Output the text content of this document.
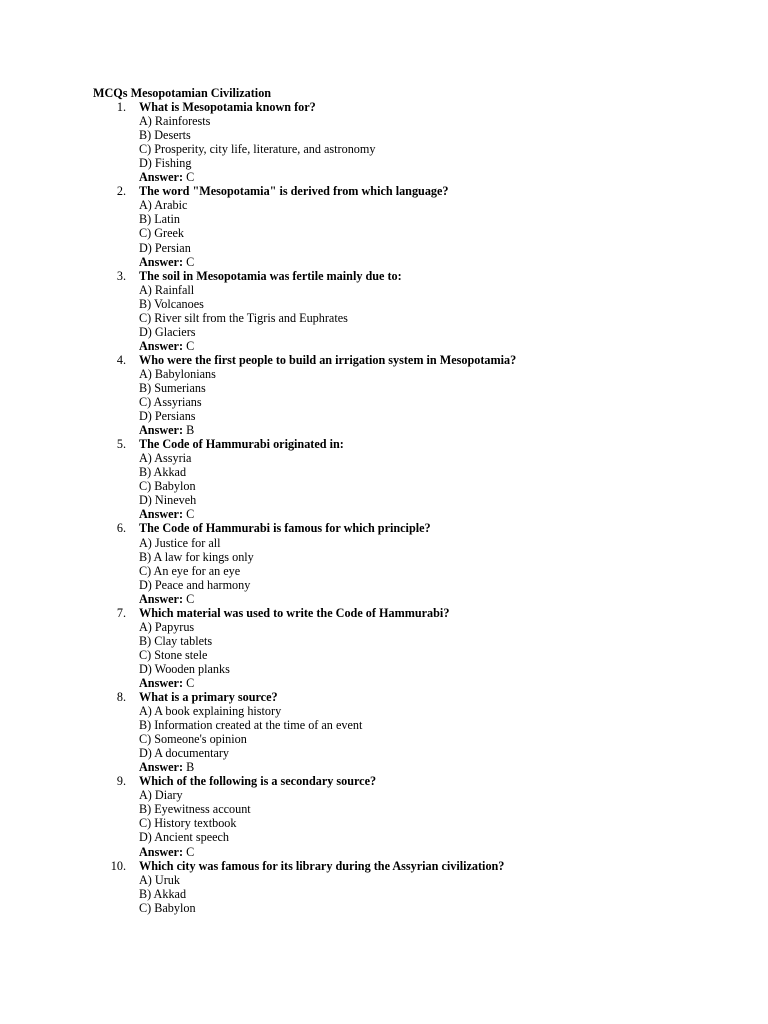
MCQs Mesopotamian Civilization
1. What is Mesopotamia known for?
A) Rainforests
B) Deserts
C) Prosperity, city life, literature, and astronomy
D) Fishing
Answer: C
2. The word "Mesopotamia" is derived from which language?
A) Arabic
B) Latin
C) Greek
D) Persian
Answer: C
3. The soil in Mesopotamia was fertile mainly due to:
A) Rainfall
B) Volcanoes
C) River silt from the Tigris and Euphrates
D) Glaciers
Answer: C
4. Who were the first people to build an irrigation system in Mesopotamia?
A) Babylonians
B) Sumerians
C) Assyrians
D) Persians
Answer: B
5. The Code of Hammurabi originated in:
A) Assyria
B) Akkad
C) Babylon
D) Nineveh
Answer: C
6. The Code of Hammurabi is famous for which principle?
A) Justice for all
B) A law for kings only
C) An eye for an eye
D) Peace and harmony
Answer: C
7. Which material was used to write the Code of Hammurabi?
A) Papyrus
B) Clay tablets
C) Stone stele
D) Wooden planks
Answer: C
8. What is a primary source?
A) A book explaining history
B) Information created at the time of an event
C) Someone's opinion
D) A documentary
Answer: B
9. Which of the following is a secondary source?
A) Diary
B) Eyewitness account
C) History textbook
D) Ancient speech
Answer: C
10. Which city was famous for its library during the Assyrian civilization?
A) Uruk
B) Akkad
C) Babylon
